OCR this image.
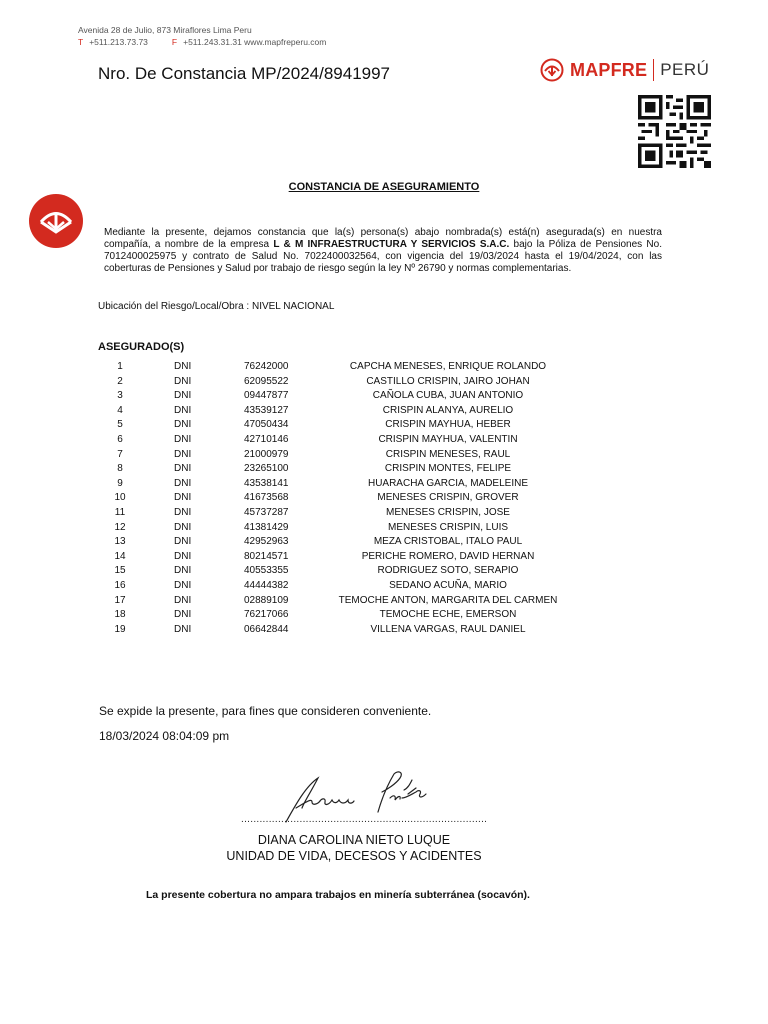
Avenida 28 de Julio, 873 Miraflores Lima Peru
T +511.213.73.73	F +511.243.31.31 www.mapfreperu.com
Nro. De Constancia MP/2024/8941997	MAPFRE PERÚ
CONSTANCIA DE ASEGURAMIENTO
Mediante la presente, dejamos constancia que la(s) persona(s) abajo nombrada(s) está(n) asegurada(s) en nuestra compañía, a nombre de la empresa L & M INFRAESTRUCTURA Y SERVICIOS S.A.C. bajo la Póliza de Pensiones No. 7012400025975 y contrato de Salud No. 7022400032564, con vigencia del 19/03/2024 hasta el 19/04/2024, con las coberturas de Pensiones y Salud por trabajo de riesgo según la ley Nº 26790 y normas complementarias.
Ubicación del Riesgo/Local/Obra : NIVEL NACIONAL
ASEGURADO(S)
1	DNI	76242000	CAPCHA MENESES, ENRIQUE ROLANDO
2	DNI	62095522	CASTILLO CRISPIN, JAIRO JOHAN
3	DNI	09447877	CAÑOLA CUBA, JUAN ANTONIO
4	DNI	43539127	CRISPIN ALANYA, AURELIO
5	DNI	47050434	CRISPIN MAYHUA, HEBER
6	DNI	42710146	CRISPIN MAYHUA, VALENTIN
7	DNI	21000979	CRISPIN MENESES, RAUL
8	DNI	23265100	CRISPIN MONTES, FELIPE
9	DNI	43538141	HUARACHA GARCIA, MADELEINE
10	DNI	41673568	MENESES CRISPIN, GROVER
11	DNI	45737287	MENESES CRISPIN, JOSE
12	DNI	41381429	MENESES CRISPIN, LUIS
13	DNI	42952963	MEZA CRISTOBAL, ITALO PAUL
14	DNI	80214571	PERICHE ROMERO, DAVID HERNAN
15	DNI	40553355	RODRIGUEZ SOTO, SERAPIO
16	DNI	44444382	SEDANO ACUÑA, MARIO
17	DNI	02889109	TEMOCHE ANTON, MARGARITA DEL CARMEN
18	DNI	76217066	TEMOCHE ECHE, EMERSON
19	DNI	06642844	VILLENA VARGAS, RAUL DANIEL
Se expide la presente, para fines que consideren conveniente.
18/03/2024 08:04:09 pm
................................................................................
DIANA CAROLINA NIETO LUQUE
UNIDAD DE VIDA, DECESOS Y ACIDENTES
La presente cobertura no ampara trabajos en minería subterránea (socavón).
